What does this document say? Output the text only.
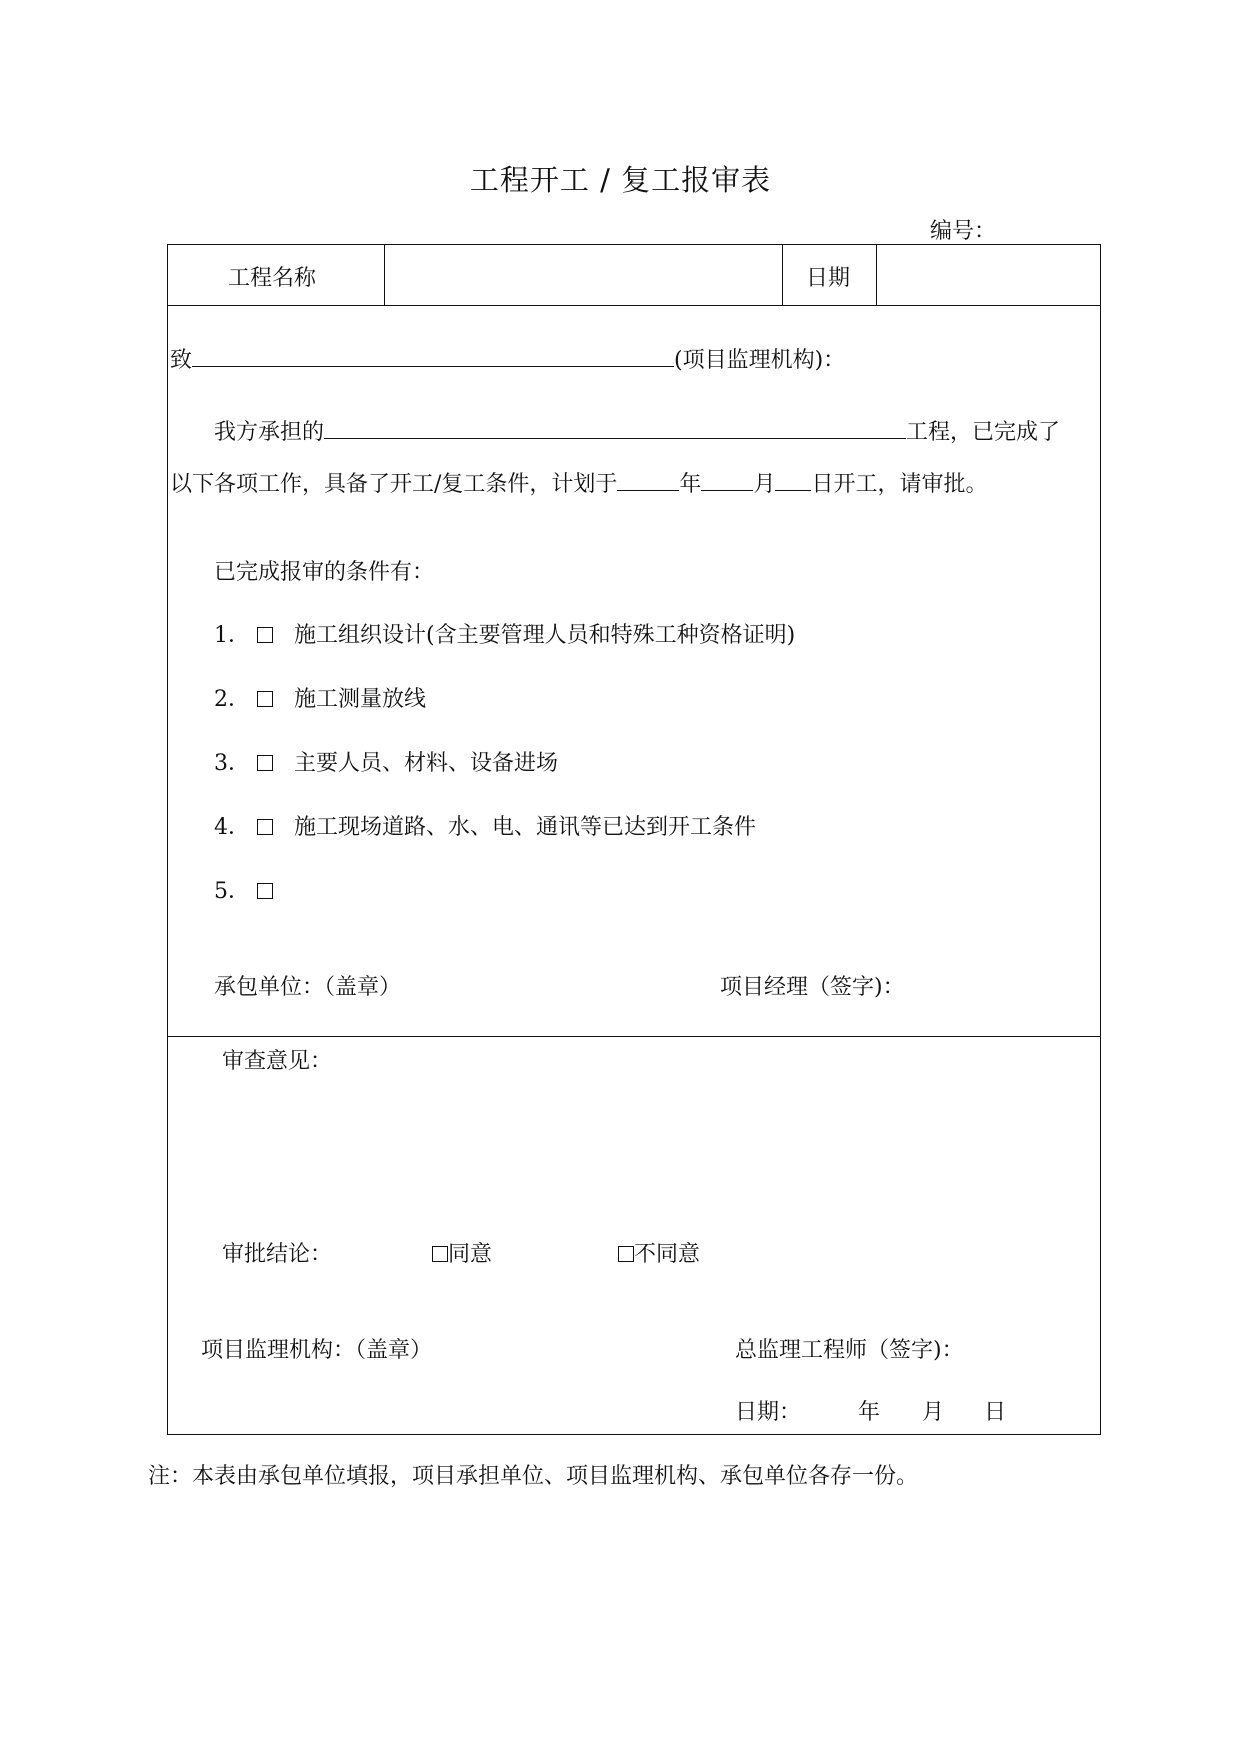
工程开工 / 复工报审表
编号：
工程名称	日期
致	(项目监理机构)：
我方承担的	工程，已完成了
以下各项工作，具备了开工/复工条件，计划于	年 月 日开工，请审批。
已完成报审的条件有：
1． 施工组织设计(含主要管理人员和特殊工种资格证明)
2． 施工测量放线
3． 主要人员、材料、设备进场
4． 施工现场道路、水、电、通讯等已达到开工条件
5．
承包单位：（盖章）	项目经理（签字)：
审查意见：
审批结论：	同意	不同意
项目监理机构：（盖章）	总监理工程师（签字)：
日期：	年 月 日
注：本表由承包单位填报，项目承担单位、项目监理机构、承包单位各存一份。
